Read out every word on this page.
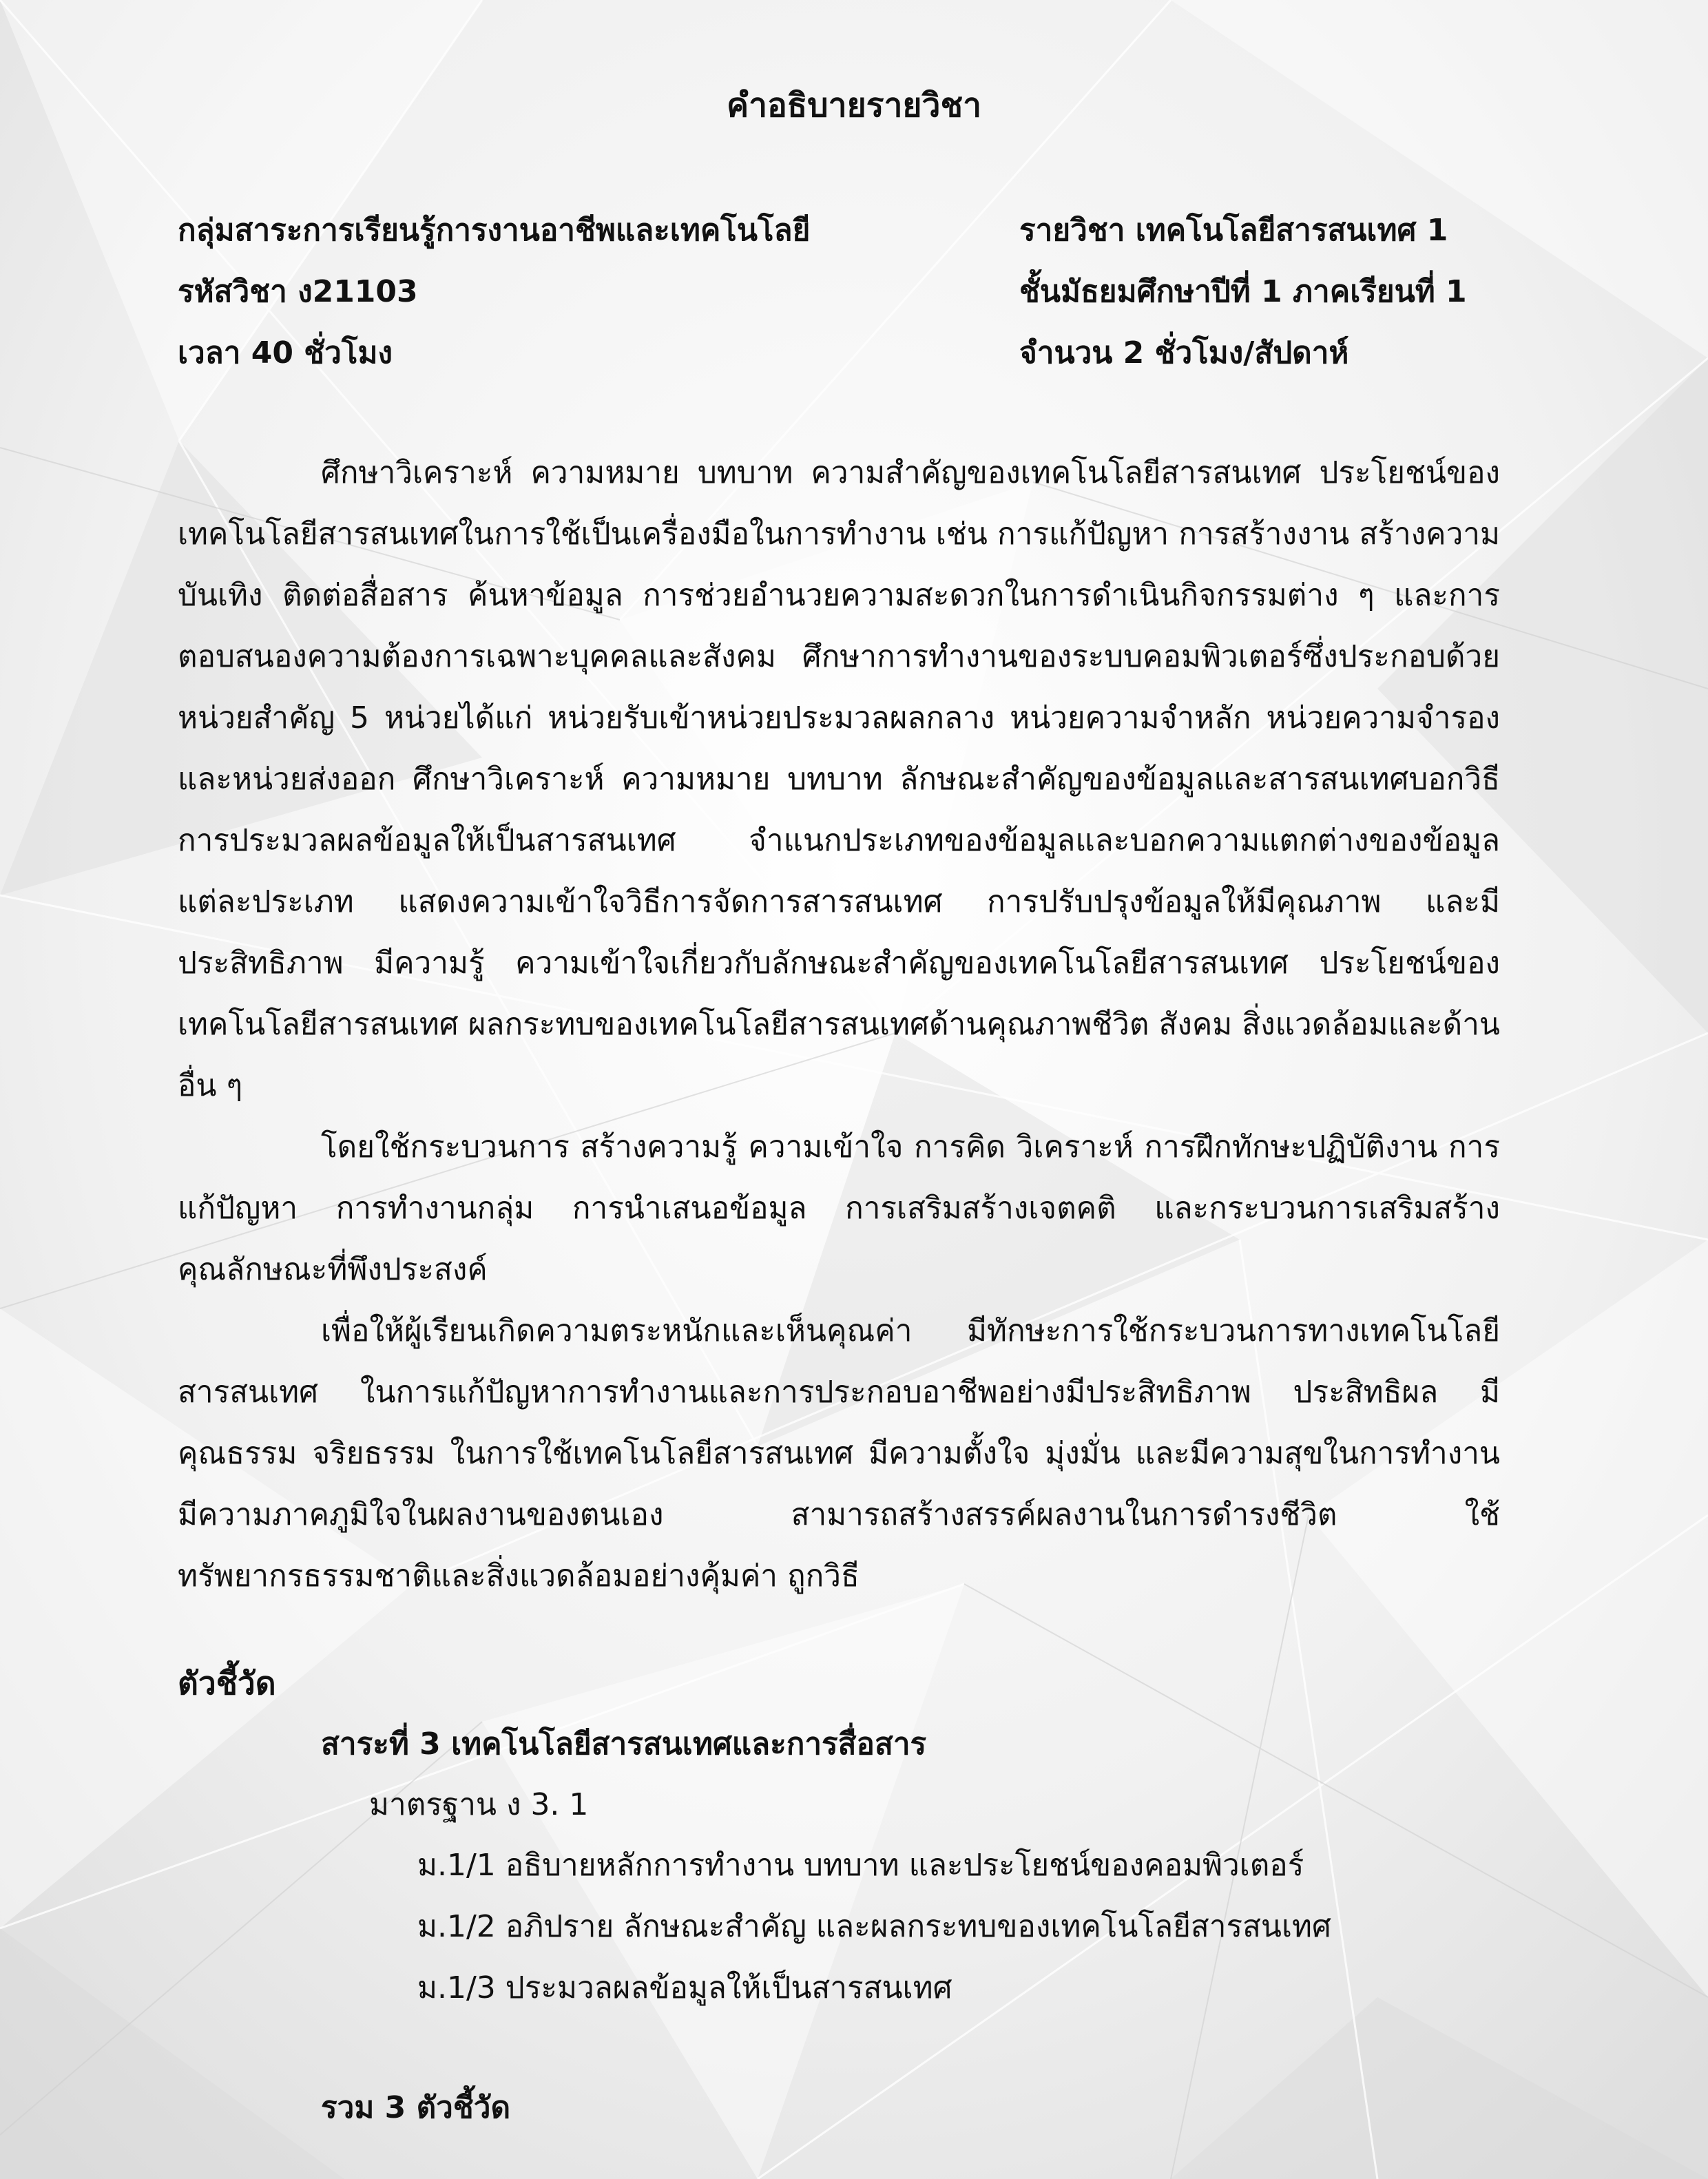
คำอธิบายรายวิชา
กลุ่มสาระการเรียนรู้การงานอาชีพและเทคโนโลยี
รหัสวิชา ง21103
เวลา 40 ชั่วโมง
รายวิชา เทคโนโลยีสารสนเทศ 1
ชั้นมัธยมศึกษาปีที่ 1 ภาคเรียนที่ 1
จำนวน 2 ชั่วโมง/สัปดาห์

ศึกษาวิเคราะห์ ความหมาย บทบาท ความสำคัญของเทคโนโลยีสารสนเทศ ประโยชน์ของเทคโนโลยีสารสนเทศในการใช้เป็นเครื่องมือในการทำงาน เช่น การแก้ปัญหา การสร้างงาน สร้างความบันเทิง ติดต่อสื่อสาร ค้นหาข้อมูล การช่วยอำนวยความสะดวกในการดำเนินกิจกรรมต่าง ๆ และการตอบสนองความต้องการเฉพาะบุคคลและสังคม ศึกษาการทำงานของระบบคอมพิวเตอร์ซึ่งประกอบด้วยหน่วยสำคัญ 5 หน่วยได้แก่ หน่วยรับเข้าหน่วยประมวลผลกลาง หน่วยความจำหลัก หน่วยความจำรองและหน่วยส่งออก ศึกษาวิเคราะห์ ความหมาย บทบาท ลักษณะสำคัญของข้อมูลและสารสนเทศบอกวิธีการประมวลผลข้อมูลให้เป็นสารสนเทศ จำแนกประเภทของข้อมูลและบอกความแตกต่างของข้อมูลแต่ละประเภท แสดงความเข้าใจวิธีการจัดการสารสนเทศ การปรับปรุงข้อมูลให้มีคุณภาพ และมีประสิทธิภาพ มีความรู้ ความเข้าใจเกี่ยวกับลักษณะสำคัญของเทคโนโลยีสารสนเทศ ประโยชน์ของเทคโนโลยีสารสนเทศ ผลกระทบของเทคโนโลยีสารสนเทศด้านคุณภาพชีวิต สังคม สิ่งแวดล้อมและด้านอื่น ๆ

โดยใช้กระบวนการ สร้างความรู้ ความเข้าใจ การคิด วิเคราะห์ การฝึกทักษะปฏิบัติงาน การแก้ปัญหา การทำงานกลุ่ม การนำเสนอข้อมูล การเสริมสร้างเจตคติ และกระบวนการเสริมสร้างคุณลักษณะที่พึงประสงค์

เพื่อให้ผู้เรียนเกิดความตระหนักและเห็นคุณค่า มีทักษะการใช้กระบวนการทางเทคโนโลยีสารสนเทศ ในการแก้ปัญหาการทำงานและการประกอบอาชีพอย่างมีประสิทธิภาพ ประสิทธิผล มีคุณธรรม จริยธรรม ในการใช้เทคโนโลยีสารสนเทศ มีความตั้งใจ มุ่งมั่น และมีความสุขในการทำงาน มีความภาคภูมิใจในผลงานของตนเอง สามารถสร้างสรรค์ผลงานในการดำรงชีวิต ใช้ทรัพยากรธรรมชาติและสิ่งแวดล้อมอย่างคุ้มค่า ถูกวิธี

ตัวชี้วัด
สาระที่ 3 เทคโนโลยีสารสนเทศและการสื่อสาร
มาตรฐาน ง 3. 1
ม.1/1 อธิบายหลักการทำงาน บทบาท และประโยชน์ของคอมพิวเตอร์
ม.1/2 อภิปราย ลักษณะสำคัญ และผลกระทบของเทคโนโลยีสารสนเทศ
ม.1/3 ประมวลผลข้อมูลให้เป็นสารสนเทศ
รวม 3 ตัวชี้วัด
